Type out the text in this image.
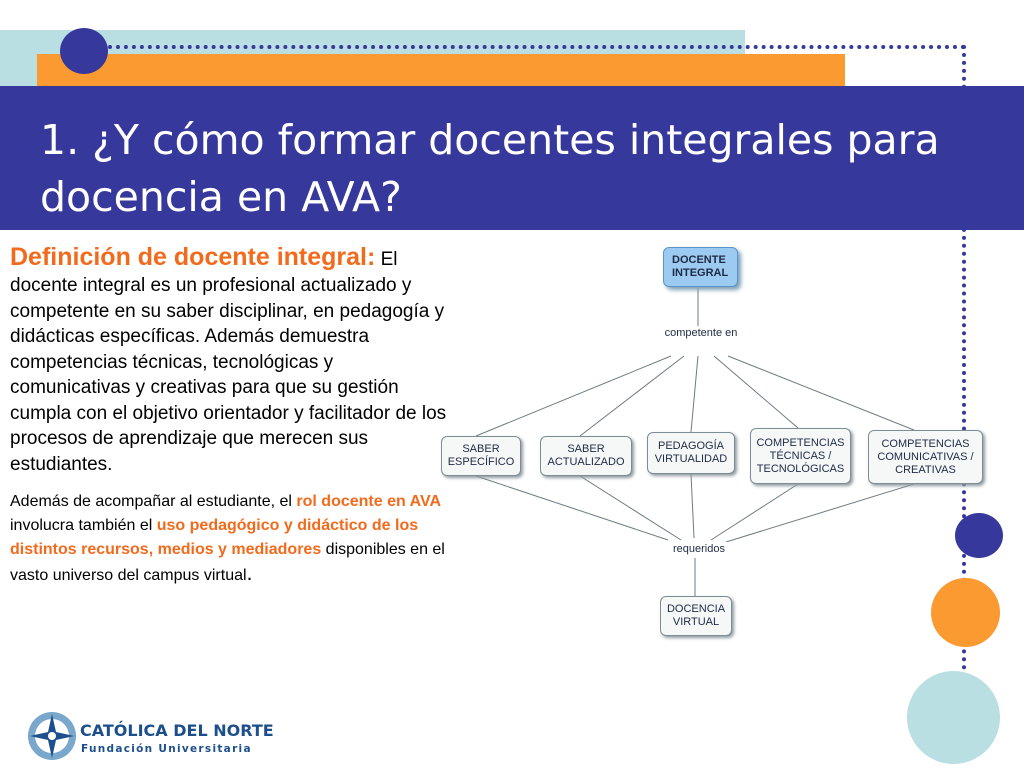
1. ¿Y cómo formar docentes integrales para docencia en AVA?

Definición de docente integral: El docente integral es un profesional actualizado y competente en su saber disciplinar, en pedagogía y didácticas específicas. Además demuestra competencias técnicas, tecnológicas y comunicativas y creativas para que su gestión cumpla con el objetivo orientador y facilitador de los procesos de aprendizaje que merecen sus estudiantes.

Además de acompañar al estudiante, el rol docente en AVA involucra también el uso pedagógico y didáctico de los distintos recursos, medios y mediadores disponibles en el vasto universo del campus virtual.

DOCENTE INTEGRAL
competente en
SABER ESPECÍFICO
SABER ACTUALIZADO
PEDAGOGÍA VIRTUALIDAD
COMPETENCIAS TÉCNICAS / TECNOLÓGICAS
COMPETENCIAS COMUNICATIVAS / CREATIVAS
requeridos
DOCENCIA VIRTUAL
CATÓLICA DEL NORTE
Fundación Universitaria
